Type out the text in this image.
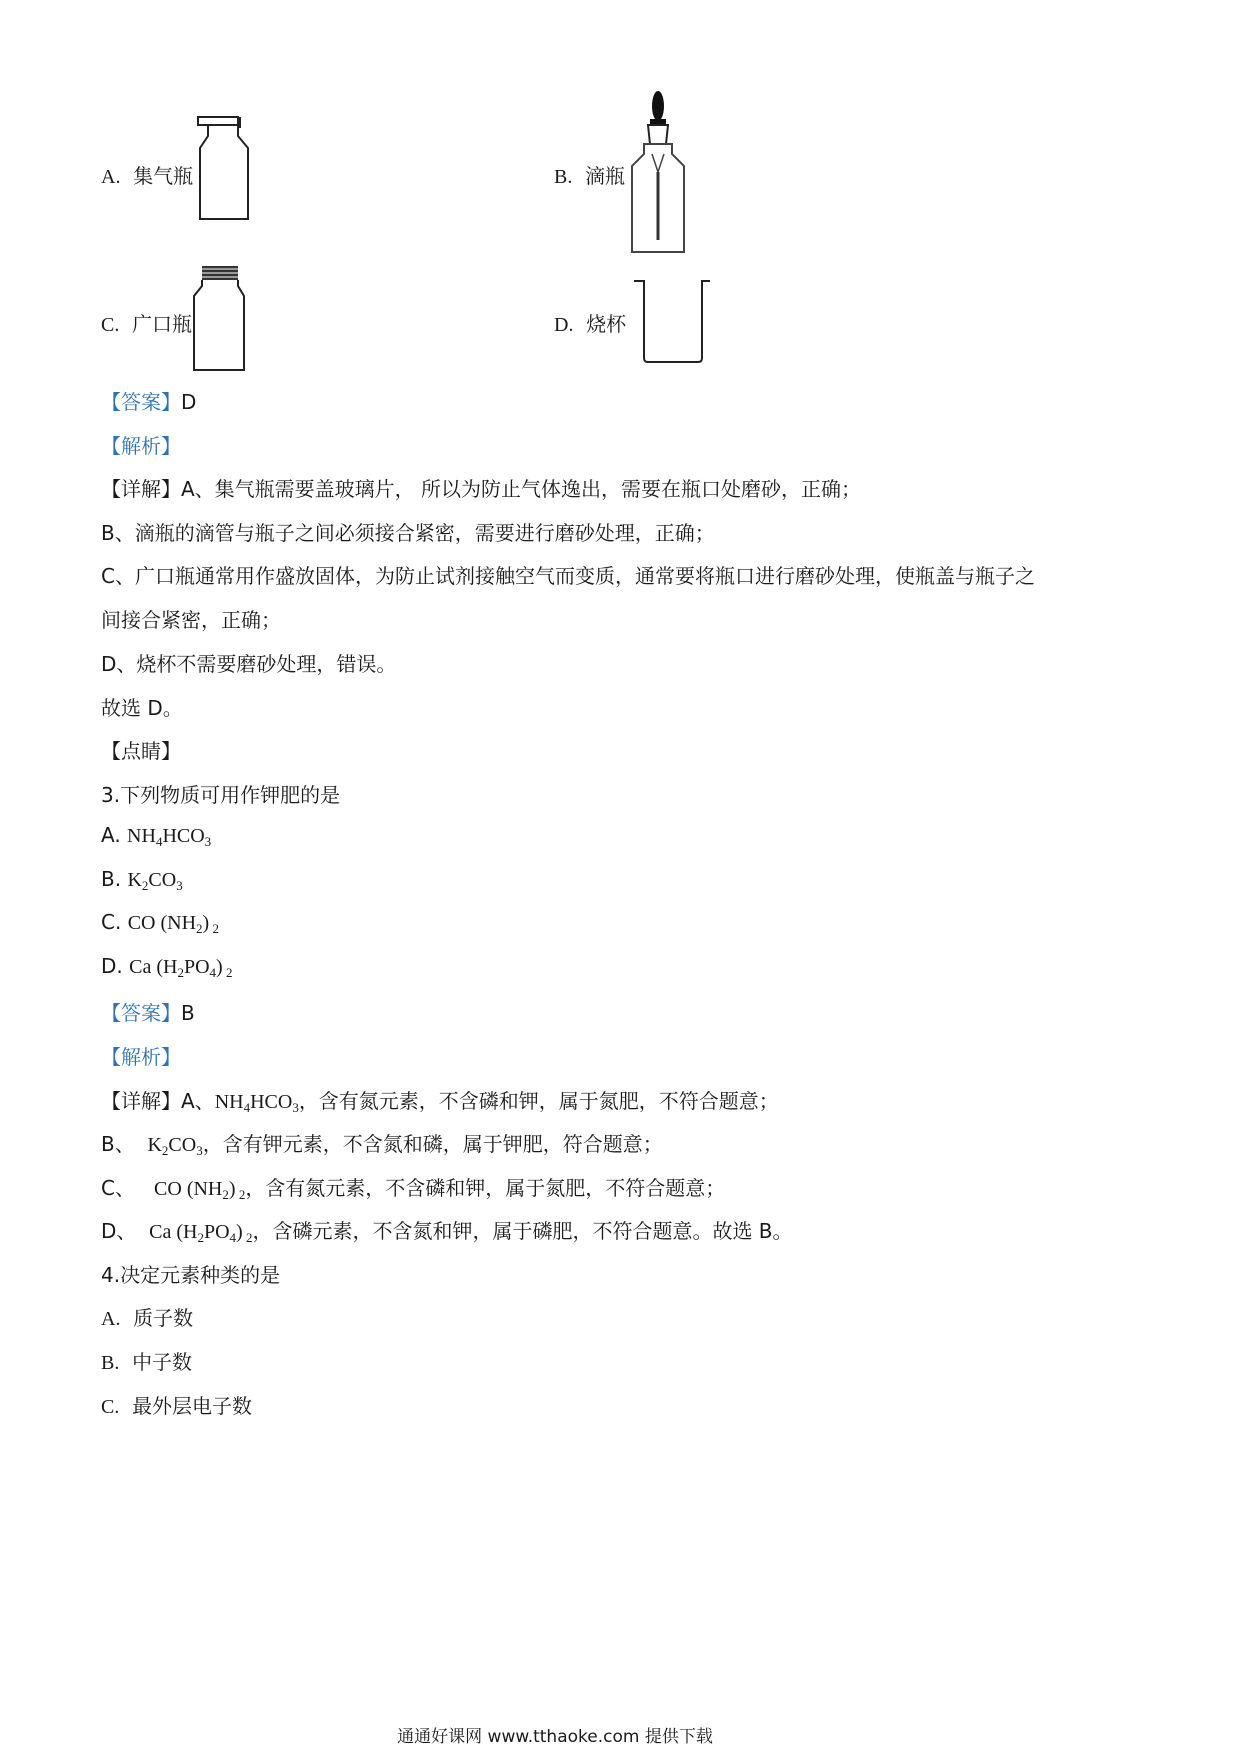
A. 集气瓶	B. 滴瓶
C. 广口瓶	D. 烧杯
【答案】D
【解析】
【详解】A、集气瓶需要盖玻璃片， 所以为防止气体逸出，需要在瓶口处磨砂，正确；
B、滴瓶的滴管与瓶子之间必须接合紧密，需要进行磨砂处理，正确；
C、广口瓶通常用作盛放固体，为防止试剂接触空气而变质，通常要将瓶口进行磨砂处理，使瓶盖与瓶子之
间接合紧密，正确；
D、烧杯不需要磨砂处理，错误。
故选 D。
【点睛】
3.下列物质可用作钾肥的是
A. $NH_4HCO_3$
B. $K_2CO_3$
C. CO $(NH_2)$ $_2$
D. Ca $(H_2PO_4)$ $_2$
【答案】B
【解析】
【详解】A、$NH_4HCO_3$，含有氮元素，不含磷和钾，属于氮肥，不符合题意；
B、 $K_2CO_3$，含有钾元素，不含氮和磷，属于钾肥，符合题意；
C、 CO $(NH_2)$ $_2$，含有氮元素，不含磷和钾，属于氮肥，不符合题意；
D、 Ca $(H_2PO_4)$ $_2$，含磷元素，不含氮和钾，属于磷肥，不符合题意。故选 B。
4.决定元素种类的是
A. 质子数
B. 中子数
C. 最外层电子数
通通好课网 www.tthaoke.com 提供下载
